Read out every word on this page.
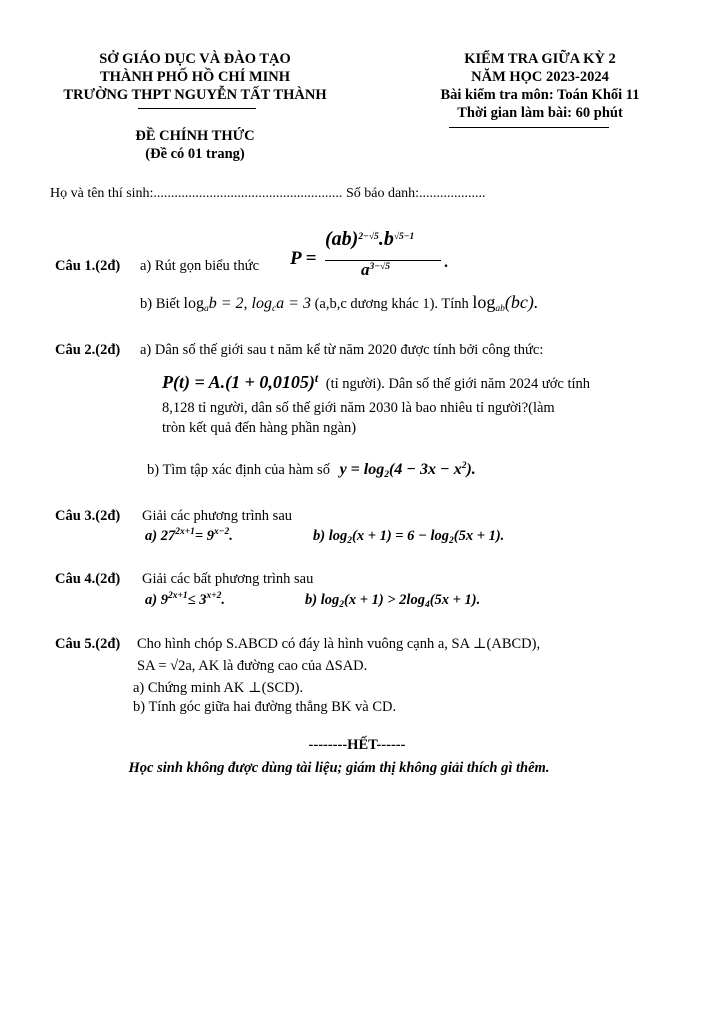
SỞ GIÁO DỤC VÀ ĐÀO TẠO
THÀNH PHỐ HỒ CHÍ MINH
TRƯỜNG THPT NGUYỄN TẤT THÀNH
KIỂM TRA GIỮA KỲ 2
NĂM HỌC 2023-2024
Bài kiểm tra môn: Toán Khối 11
Thời gian làm bài: 60 phút
ĐỀ CHÍNH THỨC
(Đề có 01 trang)
Họ và tên thí sinh:...................................................... Số báo danh:...................
Câu 1.(2đ) a) Rút gọn biểu thức P =
$(ab)^{2-√5}.b^{√5-1}$
$a^{3-√5}$	.
b) Biết $\log_ab = 2$, $\log_ca = 3$ (a,b,c dương khác 1). Tính $\log_{ab}(bc)$.
Câu 2.(2đ) a) Dân số thế giới sau t năm kể từ năm 2020 được tính bởi công thức:
$P(t) = A.(1 + 0,0105)^t$ (tỉ người). Dân số thế giới năm 2024 ước tính
8,128 tỉ người, dân số thế giới năm 2030 là bao nhiêu tỉ người?(làm
tròn kết quả đến hàng phần ngàn)
b) Tìm tập xác định của hàm số $y = \log_2(4 - 3x - x^2)$.
Câu 3.(2đ) Giải các phương trình sau
a) $27^{2x+1}= 9^{x-2}$.	b) $\log_2(x + 1) = 6 - \log_2(5x + 1)$.
Câu 4.(2đ) Giải các bất phương trình sau
a) $9^{2x+1}\le 3^{x+2}$.	b) $\log_2(x + 1) > 2\log_4(5x + 1)$.
Câu 5.(2đ) Cho hình chóp S.ABCD có đáy là hình vuông cạnh a, SA ⊥(ABCD),
SA = √2a, AK là đường cao của ΔSAD.
a) Chứng minh AK ⊥(SCD).
b) Tính góc giữa hai đường thẳng BK và CD.
--------HẾT------
Học sinh không được dùng tài liệu; giám thị không giải thích gì thêm.
